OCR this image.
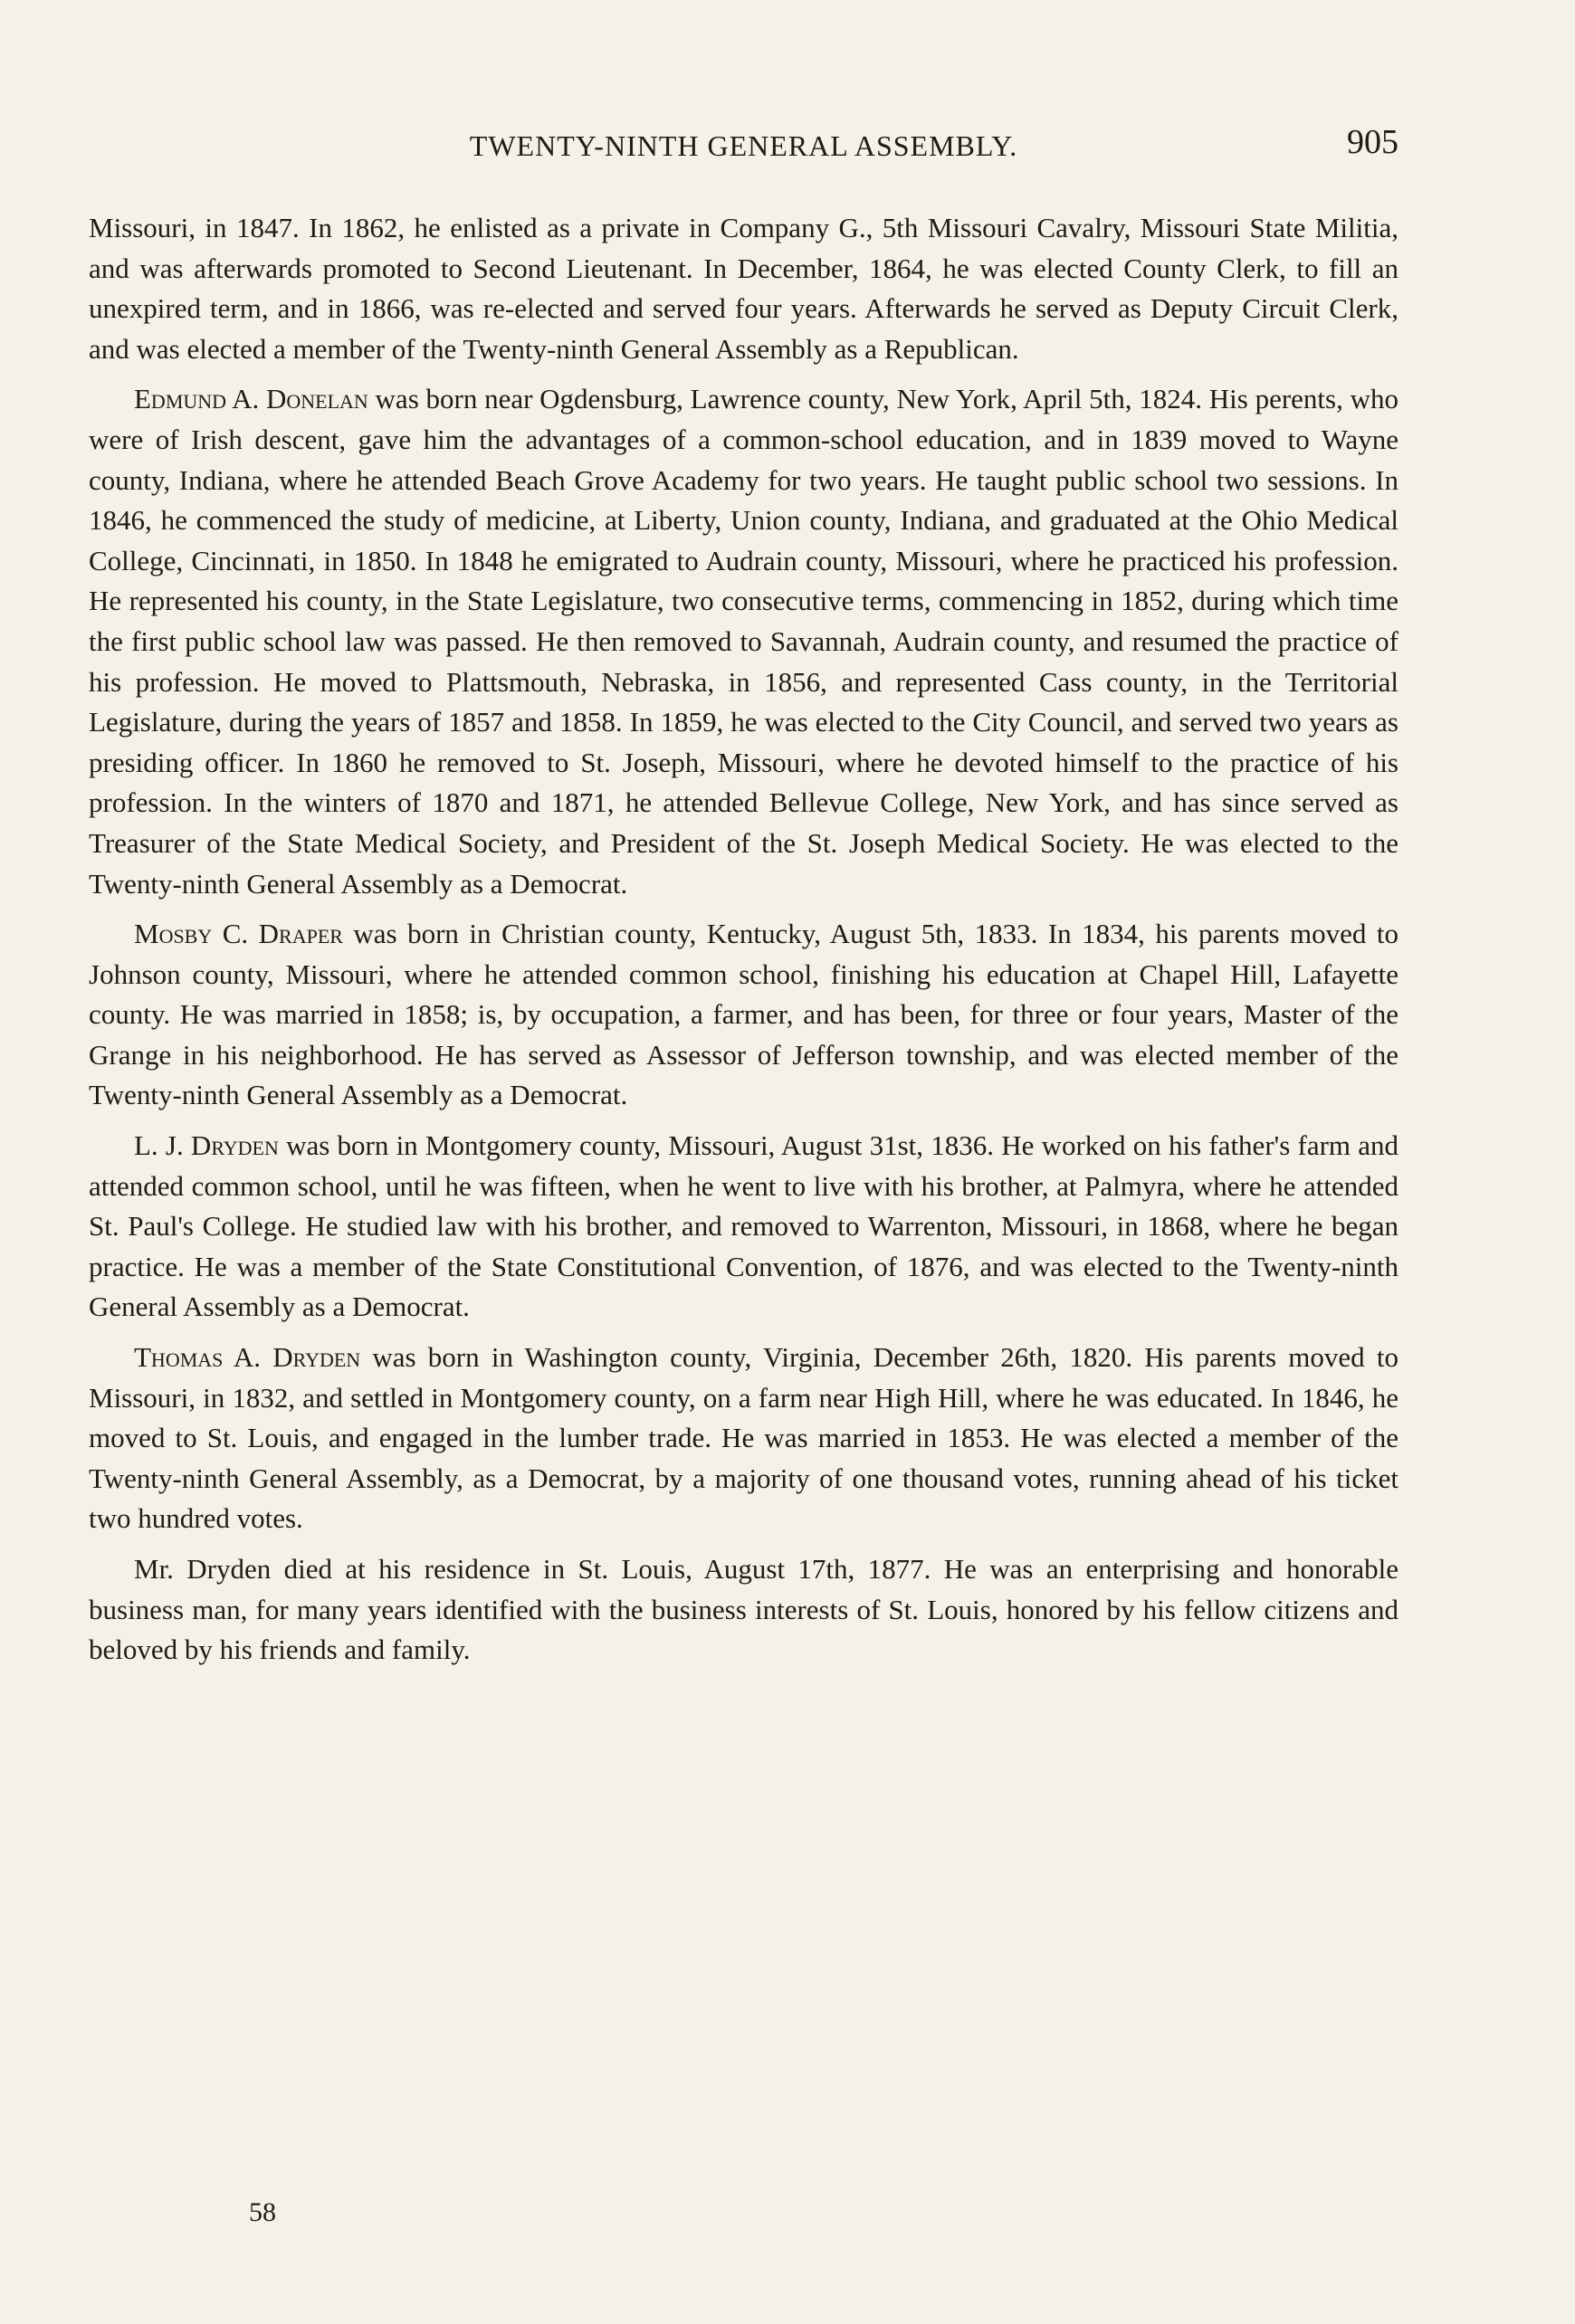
TWENTY-NINTH GENERAL ASSEMBLY.	905

Missouri, in 1847. In 1862, he enlisted as a private in Company G., 5th Missouri Cavalry, Missouri State Militia, and was afterwards promoted to Second Lieutenant. In December, 1864, he was elected County Clerk, to fill an unexpired term, and in 1866, was re-elected and served four years. Afterwards he served as Deputy Circuit Clerk, and was elected a member of the Twenty-ninth General Assembly as a Republican.

Edmund A. Donelan was born near Ogdensburg, Lawrence county, New York, April 5th, 1824. His perents, who were of Irish descent, gave him the advantages of a common-school education, and in 1839 moved to Wayne county, Indiana, where he attended Beach Grove Academy for two years. He taught public school two sessions. In 1846, he commenced the study of medicine, at Liberty, Union county, Indiana, and graduated at the Ohio Medical College, Cincinnati, in 1850. In 1848 he emigrated to Audrain county, Missouri, where he practiced his profession. He represented his county, in the State Legislature, two consecutive terms, commencing in 1852, during which time the first public school law was passed. He then removed to Savannah, Audrain county, and resumed the practice of his profession. He moved to Plattsmouth, Nebraska, in 1856, and represented Cass county, in the Territorial Legislature, during the years of 1857 and 1858. In 1859, he was elected to the City Council, and served two years as presiding officer. In 1860 he removed to St. Joseph, Missouri, where he devoted himself to the practice of his profession. In the winters of 1870 and 1871, he attended Bellevue College, New York, and has since served as Treasurer of the State Medical Society, and President of the St. Joseph Medical Society. He was elected to the Twenty-ninth General Assembly as a Democrat.

Mosby C. Draper was born in Christian county, Kentucky, August 5th, 1833. In 1834, his parents moved to Johnson county, Missouri, where he attended common school, finishing his education at Chapel Hill, Lafayette county. He was married in 1858; is, by occupation, a farmer, and has been, for three or four years, Master of the Grange in his neighborhood. He has served as Assessor of Jefferson township, and was elected member of the Twenty-ninth General Assembly as a Democrat.

L. J. Dryden was born in Montgomery county, Missouri, August 31st, 1836. He worked on his father's farm and attended common school, until he was fifteen, when he went to live with his brother, at Palmyra, where he attended St. Paul's College. He studied law with his brother, and removed to Warrenton, Missouri, in 1868, where he began practice. He was a member of the State Constitutional Convention, of 1876, and was elected to the Twenty-ninth General Assembly as a Democrat.

Thomas A. Dryden was born in Washington county, Virginia, December 26th, 1820. His parents moved to Missouri, in 1832, and settled in Montgomery county, on a farm near High Hill, where he was educated. In 1846, he moved to St. Louis, and engaged in the lumber trade. He was married in 1853. He was elected a member of the Twenty-ninth General Assembly, as a Democrat, by a majority of one thousand votes, running ahead of his ticket two hundred votes.

Mr. Dryden died at his residence in St. Louis, August 17th, 1877. He was an enterprising and honorable business man, for many years identified with the business interests of St. Louis, honored by his fellow citizens and beloved by his friends and family.

58
